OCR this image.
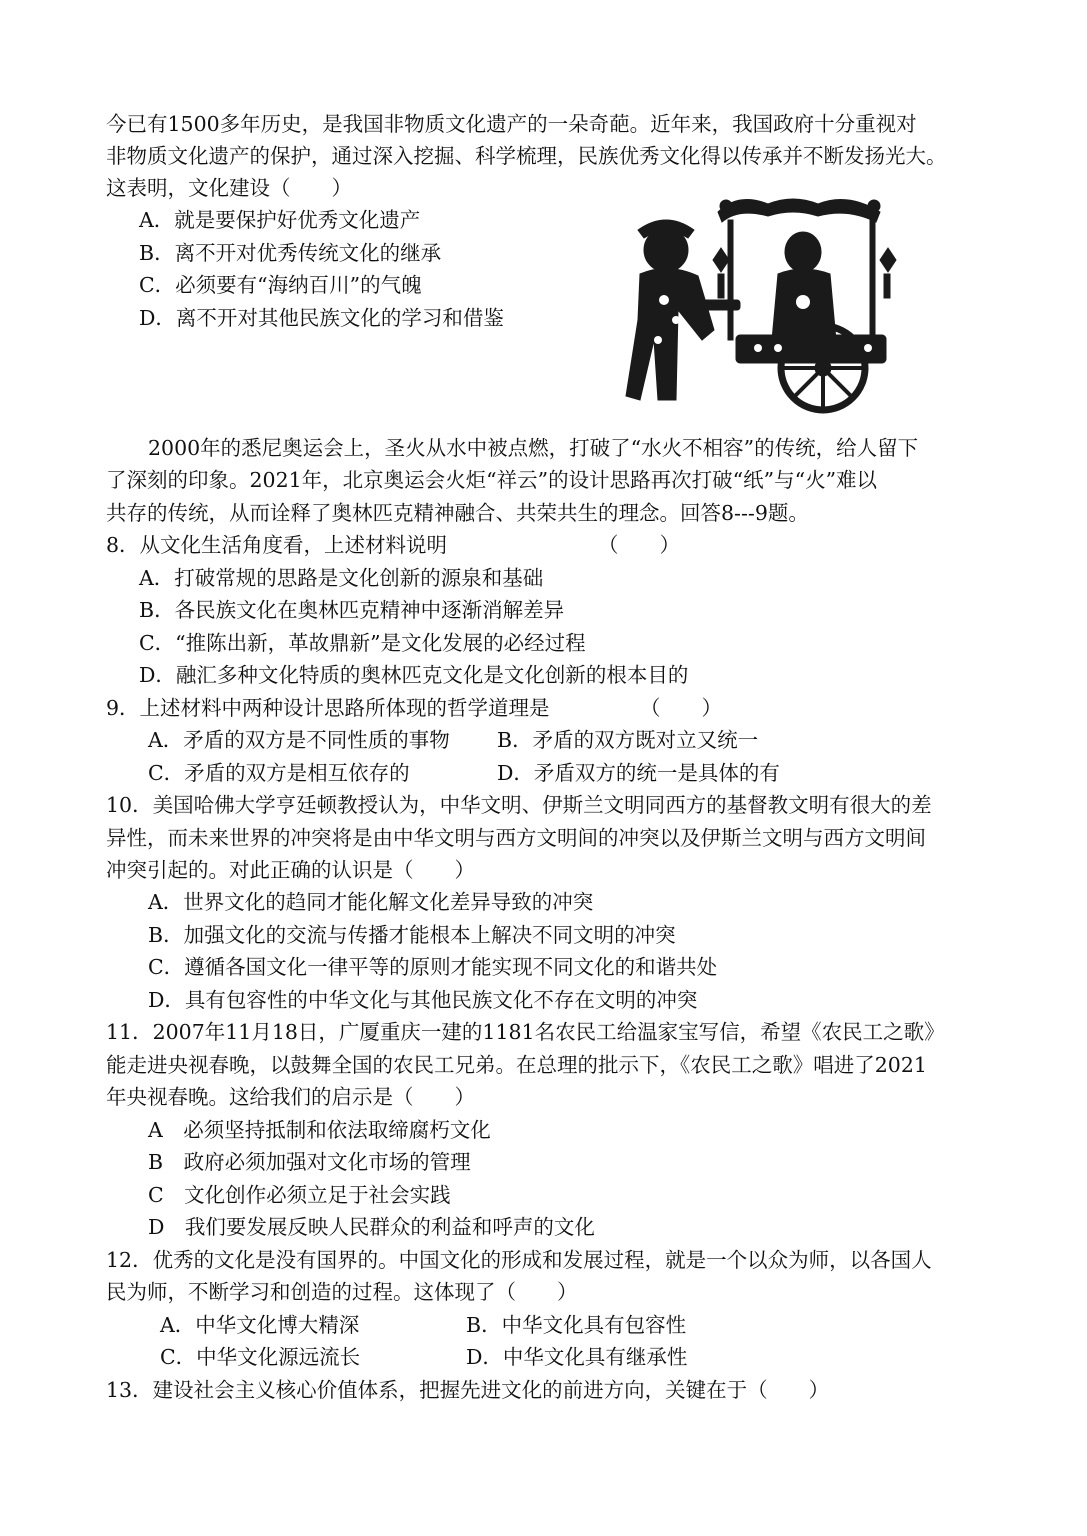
今已有1500多年历史，是我国非物质文化遗产的一朵奇葩。近年来，我国政府十分重视对
非物质文化遗产的保护，通过深入挖掘、科学梳理，民族优秀文化得以传承并不断发扬光大。
这表明，文化建设（　　）
A．就是要保护好优秀文化遗产
B．离不开对优秀传统文化的继承
C．必须要有“海纳百川”的气魄
D．离不开对其他民族文化的学习和借鉴
2000年的悉尼奥运会上，圣火从水中被点燃，打破了“水火不相容”的传统，给人留下
了深刻的印象。2021年，北京奥运会火炬“祥云”的设计思路再次打破“纸”与“火”难以
共存的传统，从而诠释了奥林匹克精神融合、共荣共生的理念。回答8---9题。
8．从文化生活角度看，上述材料说明	（　　）
A．打破常规的思路是文化创新的源泉和基础
B．各民族文化在奥林匹克精神中逐渐消解差异
C．“推陈出新，革故鼎新”是文化发展的必经过程
D．融汇多种文化特质的奥林匹克文化是文化创新的根本目的
9．上述材料中两种设计思路所体现的哲学道理是	（　　）
A．矛盾的双方是不同性质的事物 B．矛盾的双方既对立又统一
C．矛盾的双方是相互依存的	D．矛盾双方的统一是具体的有
10．美国哈佛大学亨廷顿教授认为，中华文明、伊斯兰文明同西方的基督教文明有很大的差
异性，而未来世界的冲突将是由中华文明与西方文明间的冲突以及伊斯兰文明与西方文明间
冲突引起的。对此正确的认识是（　　）
A．世界文化的趋同才能化解文化差异导致的冲突
B．加强文化的交流与传播才能根本上解决不同文明的冲突
C．遵循各国文化一律平等的原则才能实现不同文化的和谐共处
D．具有包容性的中华文化与其他民族文化不存在文明的冲突
11．2007年11月18日，广厦重庆一建的1181名农民工给温家宝写信，希望《农民工之歌》
能走进央视春晚，以鼓舞全国的农民工兄弟。在总理的批示下，《农民工之歌》唱进了2021
年央视春晚。这给我们的启示是（　　）
A　必须坚持抵制和依法取缔腐朽文化
B　政府必须加强对文化市场的管理
C　文化创作必须立足于社会实践
D　我们要发展反映人民群众的利益和呼声的文化
12．优秀的文化是没有国界的。中国文化的形成和发展过程，就是一个以众为师，以各国人
民为师，不断学习和创造的过程。这体现了（　　）
A．中华文化博大精深	B．中华文化具有包容性
C．中华文化源远流长	D．中华文化具有继承性
13．建设社会主义核心价值体系，把握先进文化的前进方向，关键在于（　　）
